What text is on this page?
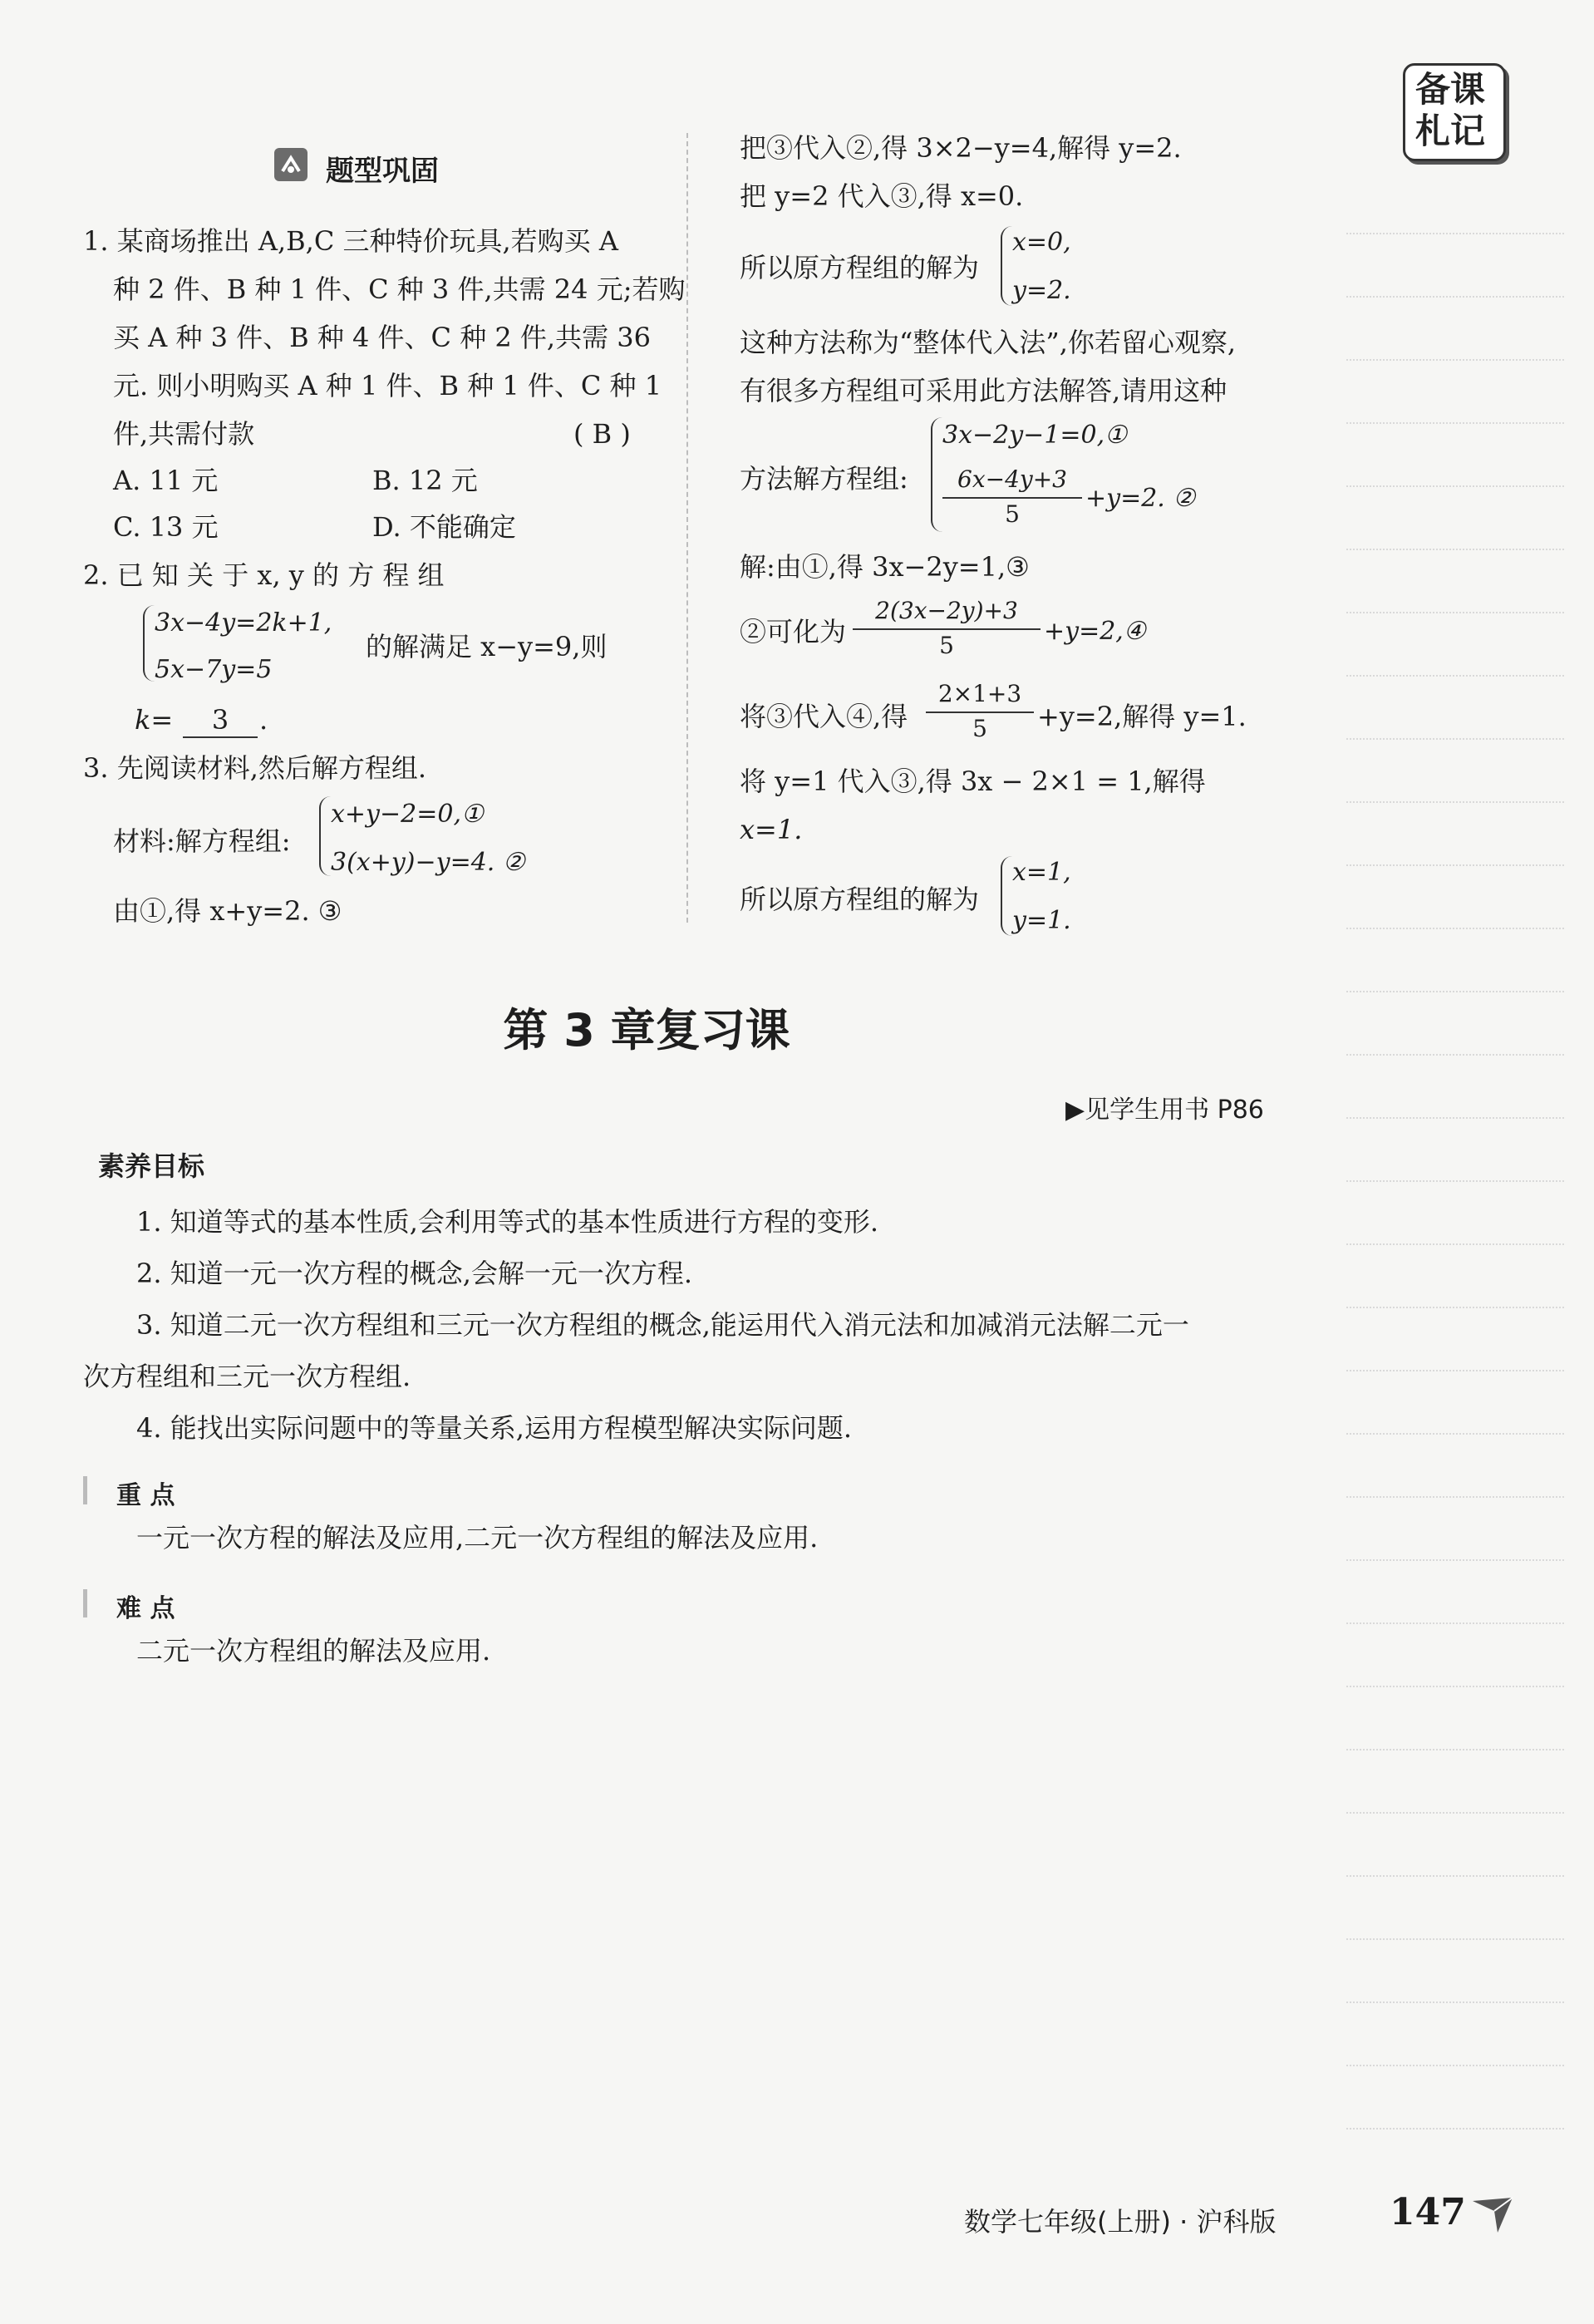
备课
札记
题型巩固
1. 某商场推出 A,B,C 三种特价玩具,若购买 A
种 2 件、B 种 1 件、C 种 3 件,共需 24 元;若购
买 A 种 3 件、B 种 4 件、C 种 2 件,共需 36
元. 则小明购买 A 种 1 件、B 种 1 件、C 种 1
件,共需付款	( B )
A. 11 元	B. 12 元
C. 13 元	D. 不能确定
2. 已 知 关 于 x, y 的 方 程 组
3x−4y=2k+1,
5x−7y=5
的解满足 x−y=9,则
k=	3	.
3. 先阅读材料,然后解方程组.
材料:解方程组:
x+y−2=0,①
3(x+y)−y=4. ②
由①,得 x+y=2. ③
把③代入②,得 3×2−y=4,解得 y=2.
把 y=2 代入③,得 x=0.
所以原方程组的解为
x=0,
y=2.
这种方法称为“整体代入法”,你若留心观察,
有很多方程组可采用此方法解答,请用这种
方法解方程组:
3x−2y−1=0,①
6x−4y+3
5
+y=2. ②
解:由①,得 3x−2y=1,③
②可化为
2(3x−2y)+3
5	+y=2,④
将③代入④,得
2×1+3
5	+y=2,解得 y=1.
将 y=1 代入③,得 3x − 2×1 = 1,解得
x=1.
所以原方程组的解为
x=1,
y=1.
第 3 章复习课
▶见学生用书 P86
素养目标
1. 知道等式的基本性质,会利用等式的基本性质进行方程的变形.
2. 知道一元一次方程的概念,会解一元一次方程.
3. 知道二元一次方程组和三元一次方程组的概念,能运用代入消元法和加减消元法解二元一
次方程组和三元一次方程组.
4. 能找出实际问题中的等量关系,运用方程模型解决实际问题.
重 点
一元一次方程的解法及应用,二元一次方程组的解法及应用.
难 点
二元一次方程组的解法及应用.
数学七年级(上册) · 沪科版	147
